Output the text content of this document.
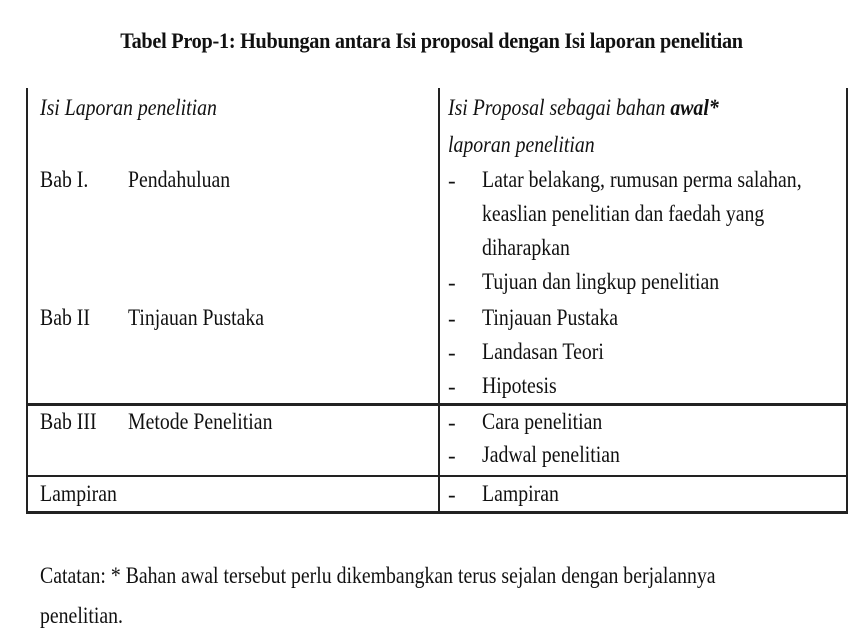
Tabel Prop-1: Hubungan antara Isi proposal dengan Isi laporan penelitian
Isi Laporan penelitian	Isi Proposal sebagai bahan awal*
laporan penelitian
Bab I. Pendahuluan	- Latar belakang, rumusan perma salahan,
keaslian penelitian dan faedah yang
diharapkan
- Tujuan dan lingkup penelitian
Bab II Tinjauan Pustaka	- Tinjauan Pustaka
- Landasan Teori
- Hipotesis
Bab III Metode Penelitian	- Cara penelitian
- Jadwal penelitian
Lampiran	- Lampiran
Catatan: * Bahan awal tersebut perlu dikembangkan terus sejalan dengan berjalannya
penelitian.
